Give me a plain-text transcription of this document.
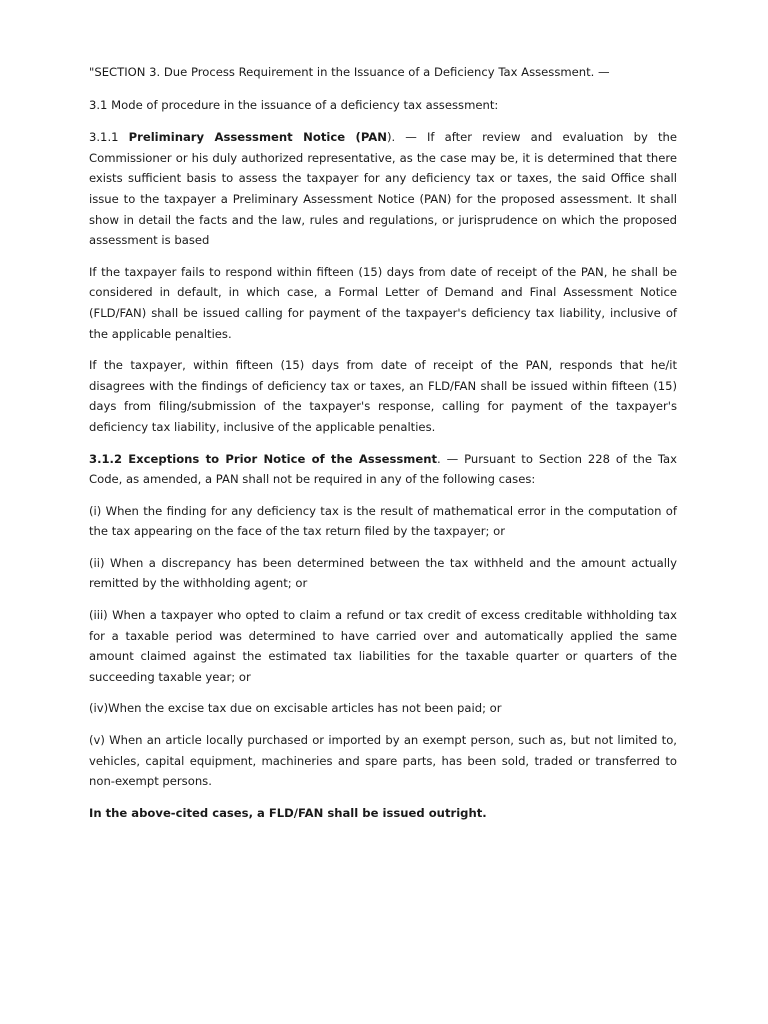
"SECTION 3. Due Process Requirement in the Issuance of a Deficiency Tax Assessment. —

3.1 Mode of procedure in the issuance of a deficiency tax assessment:

3.1.1 Preliminary Assessment Notice (PAN). — If after review and evaluation by the Commissioner or his duly authorized representative, as the case may be, it is determined that there exists sufficient basis to assess the taxpayer for any deficiency tax or taxes, the said Office shall issue to the taxpayer a Preliminary Assessment Notice (PAN) for the proposed assessment. It shall show in detail the facts and the law, rules and regulations, or jurisprudence on which the proposed assessment is based

If the taxpayer fails to respond within fifteen (15) days from date of receipt of the PAN, he shall be considered in default, in which case, a Formal Letter of Demand and Final Assessment Notice (FLD/FAN) shall be issued calling for payment of the taxpayer's deficiency tax liability, inclusive of the applicable penalties.

If the taxpayer, within fifteen (15) days from date of receipt of the PAN, responds that he/it disagrees with the findings of deficiency tax or taxes, an FLD/FAN shall be issued within fifteen (15) days from filing/submission of the taxpayer's response, calling for payment of the taxpayer's deficiency tax liability, inclusive of the applicable penalties.

3.1.2 Exceptions to Prior Notice of the Assessment. — Pursuant to Section 228 of the Tax Code, as amended, a PAN shall not be required in any of the following cases:

(i) When the finding for any deficiency tax is the result of mathematical error in the computation of the tax appearing on the face of the tax return filed by the taxpayer; or

(ii) When a discrepancy has been determined between the tax withheld and the amount actually remitted by the withholding agent; or

(iii) When a taxpayer who opted to claim a refund or tax credit of excess creditable withholding tax for a taxable period was determined to have carried over and automatically applied the same amount claimed against the estimated tax liabilities for the taxable quarter or quarters of the succeeding taxable year; or

(iv)When the excise tax due on excisable articles has not been paid; or

(v) When an article locally purchased or imported by an exempt person, such as, but not limited to, vehicles, capital equipment, machineries and spare parts, has been sold, traded or transferred to non-exempt persons.

In the above-cited cases, a FLD/FAN shall be issued outright.
